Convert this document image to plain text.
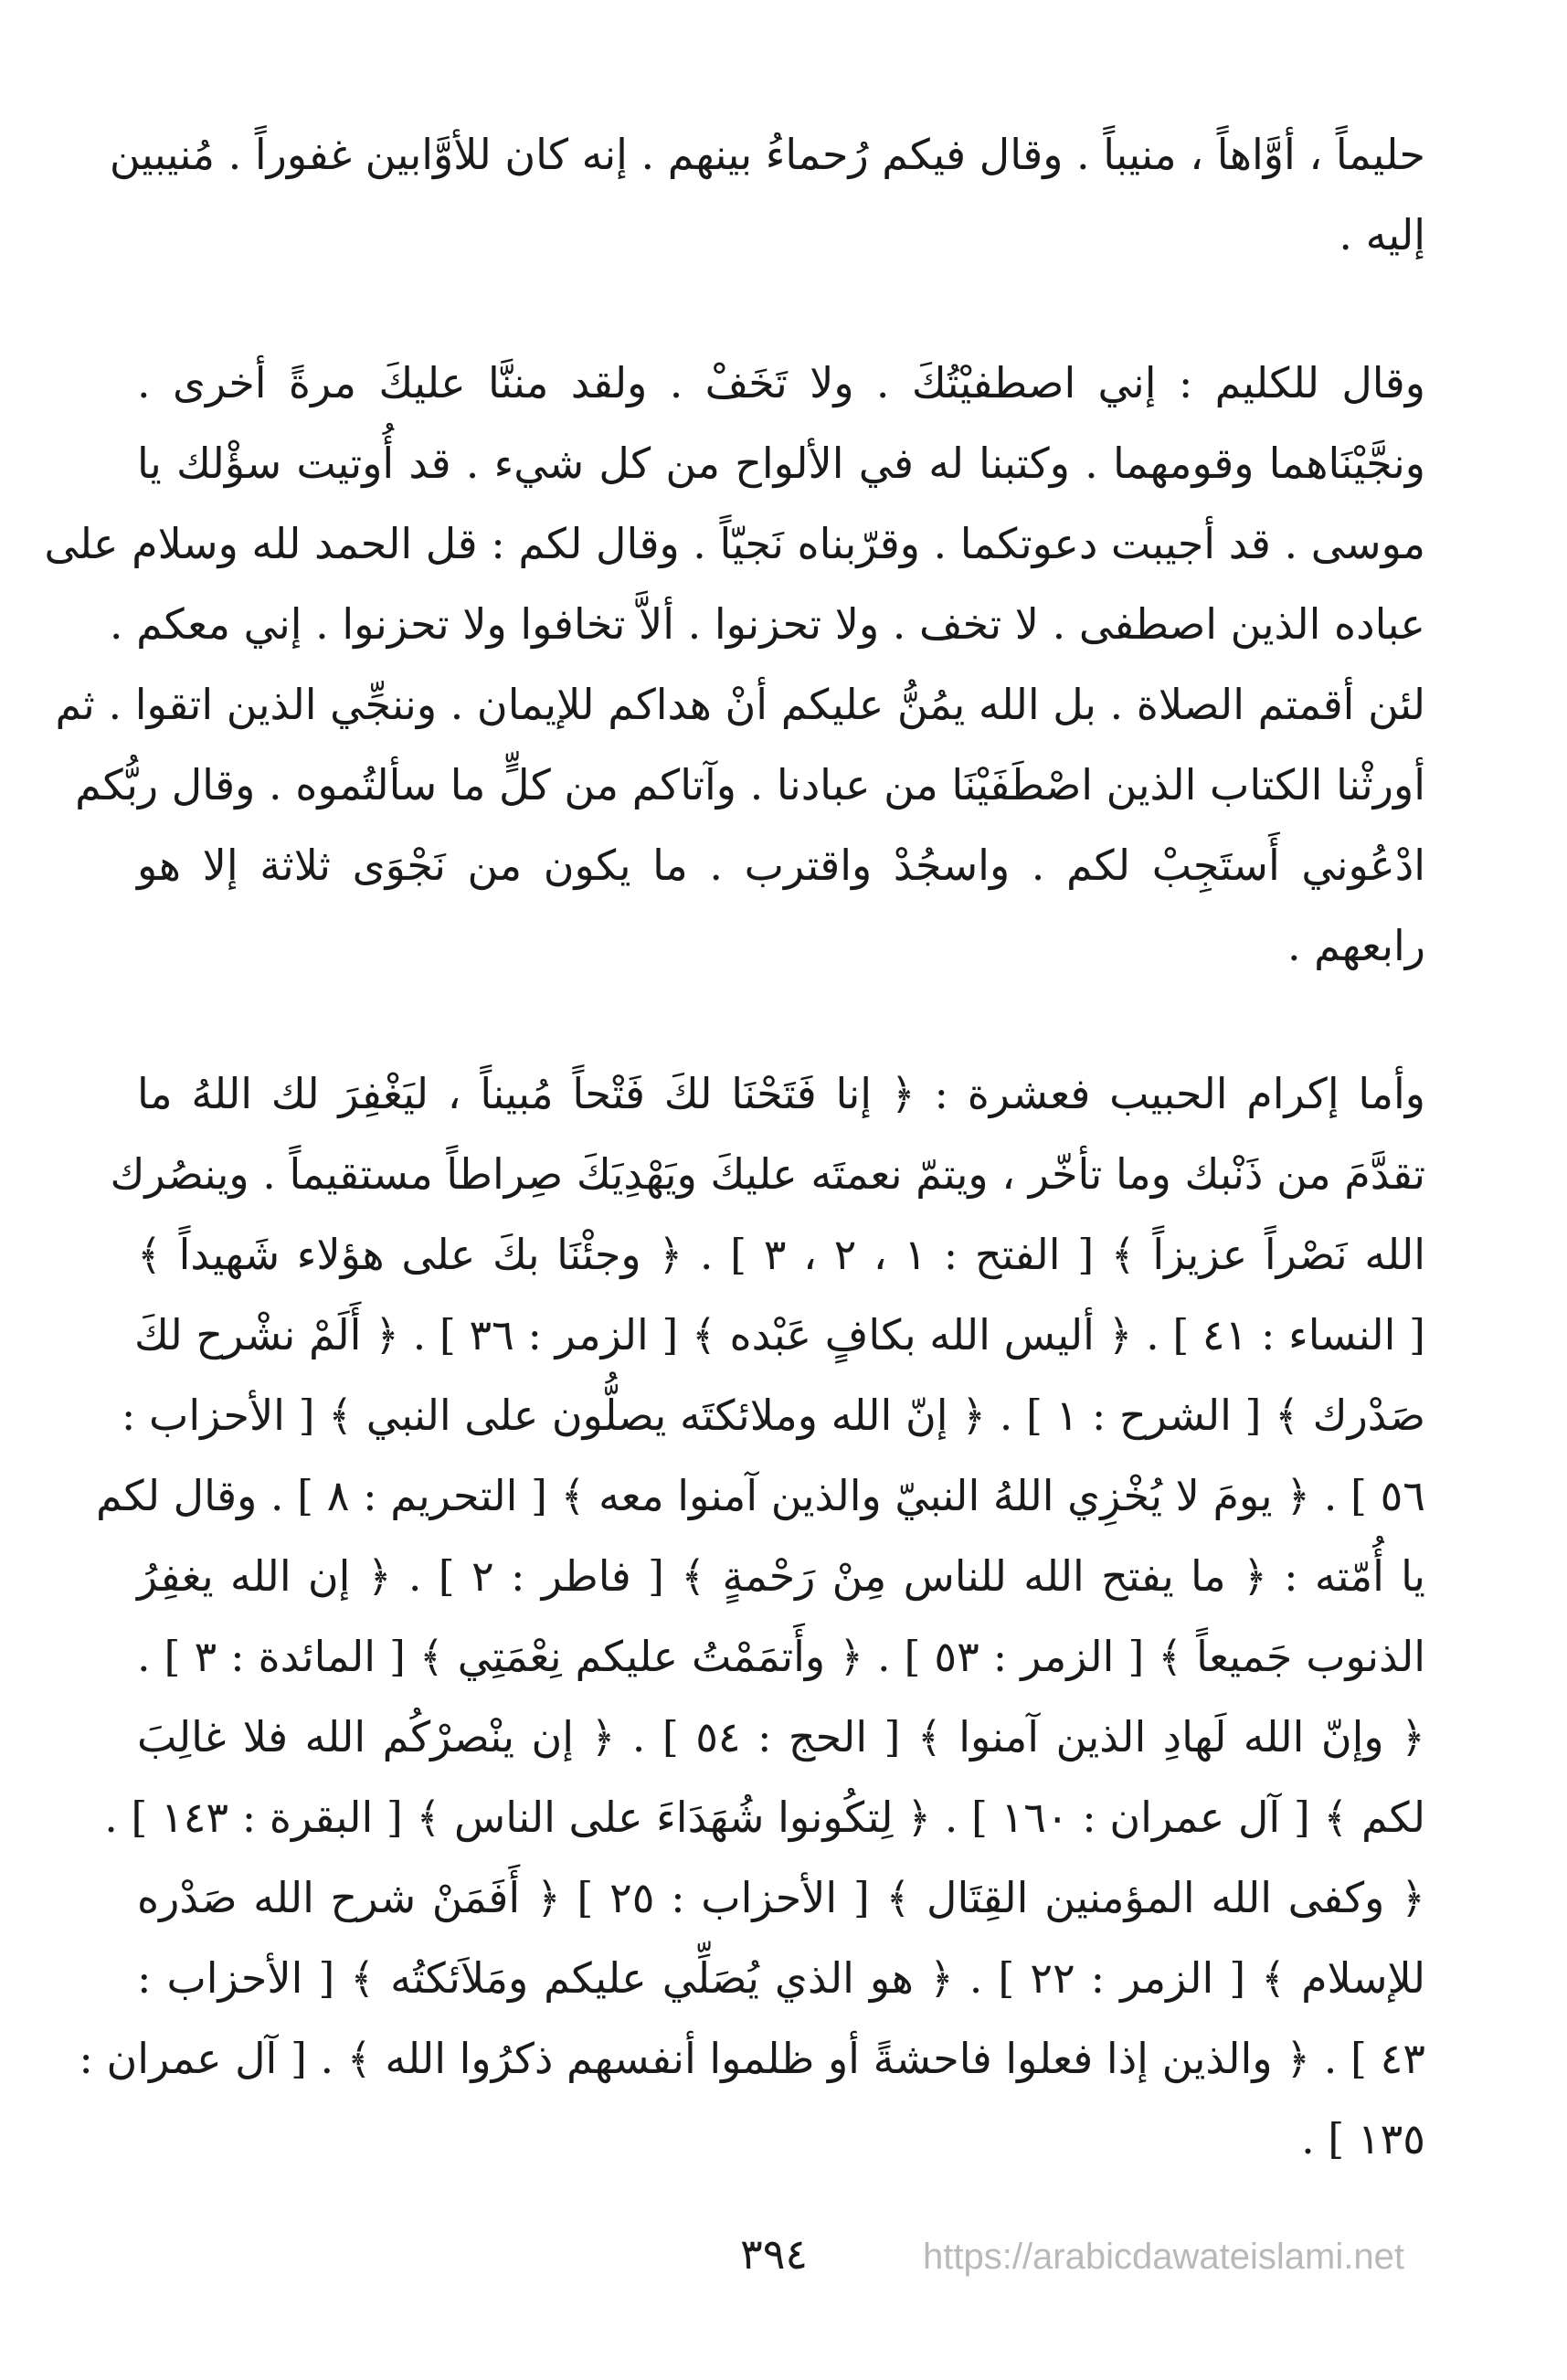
حليماً ، أوَّاهاً ، منيباً . وقال فيكم رُحماءُ بينهم . إنه كان للأوَّابين غفوراً . مُنيبين
إليه .

وقال للكليم : إني اصطفيْتُكَ . ولا تَخَفْ . ولقد مننَّا عليكَ مرةً أخرى .
ونجَّيْنَاهما وقومهما . وكتبنا له في الألواح من كل شيء . قد أُوتيت سؤْلك يا
موسى . قد أجيبت دعوتكما . وقرّبناه نَجيّاً . وقال لكم : قل الحمد لله وسلام على
عباده الذين اصطفى . لا تخف . ولا تحزنوا . ألاَّ تخافوا ولا تحزنوا . إني معكم .
لئن أقمتم الصلاة . بل الله يمُنُّ عليكم أنْ هداكم للإيمان . وننجِّي الذين اتقوا . ثم
أورثْنا الكتاب الذين اصْطَفَيْنَا من عبادنا . وآتاكم من كلٍّ ما سألتُموه . وقال ربُّكم
ادْعُوني أَستَجِبْ لكم . واسجُدْ واقترب . ما يكون من نَجْوَى ثلاثة إلا هو
رابعهم .

وأما إكرام الحبيب فعشرة : ﴿ إنا فَتَحْنَا لكَ فَتْحاً مُبيناً ، ليَغْفِرَ لك اللهُ ما
تقدَّمَ من ذَنْبك وما تأخّر ، ويتمّ نعمتَه عليكَ ويَهْدِيَكَ صِراطاً مستقيماً . وينصُرك
الله نَصْراً عزيزاً ﴾ [ الفتح : ١ ، ٢ ، ٣ ] . ﴿ وجئْنَا بكَ على هؤلاء شَهيداً ﴾
[ النساء : ٤١ ] . ﴿ أليس الله بكافٍ عَبْده ﴾ [ الزمر : ٣٦ ] . ﴿ أَلَمْ نشْرح لكَ
صَدْرك ﴾ [ الشرح : ١ ] . ﴿ إنّ الله وملائكتَه يصلُّون على النبي ﴾ [ الأحزاب :
٥٦ ] . ﴿ يومَ لا يُخْزِي اللهُ النبيّ والذين آمنوا معه ﴾ [ التحريم : ٨ ] . وقال لكم
يا أُمّته : ﴿ ما يفتح الله للناس مِنْ رَحْمةٍ ﴾ [ فاطر : ٢ ] . ﴿ إن الله يغفِرُ
الذنوب جَميعاً ﴾ [ الزمر : ٥٣ ] . ﴿ وأَتمَمْتُ عليكم نِعْمَتِي ﴾ [ المائدة : ٣ ] .
﴿ وإنّ الله لَهادِ الذين آمنوا ﴾ [ الحج : ٥٤ ] . ﴿ إن ينْصرْكُم الله فلا غالِبَ
لكم ﴾ [ آل عمران : ١٦٠ ] . ﴿ لِتكُونوا شُهَدَاءَ على الناس ﴾ [ البقرة : ١٤٣ ] .
﴿ وكفى الله المؤمنين القِتَال ﴾ [ الأحزاب : ٢٥ ] ﴿ أَفَمَنْ شرح الله صَدْره
للإسلام ﴾ [ الزمر : ٢٢ ] . ﴿ هو الذي يُصَلِّي عليكم ومَلاَئكتُه ﴾ [ الأحزاب :
٤٣ ] . ﴿ والذين إذا فعلوا فاحشةً أو ظلموا أنفسهم ذكرُوا الله ﴾ . [ آل عمران :
١٣٥ ] .

٣٩٤	https://arabicdawateislami.net
